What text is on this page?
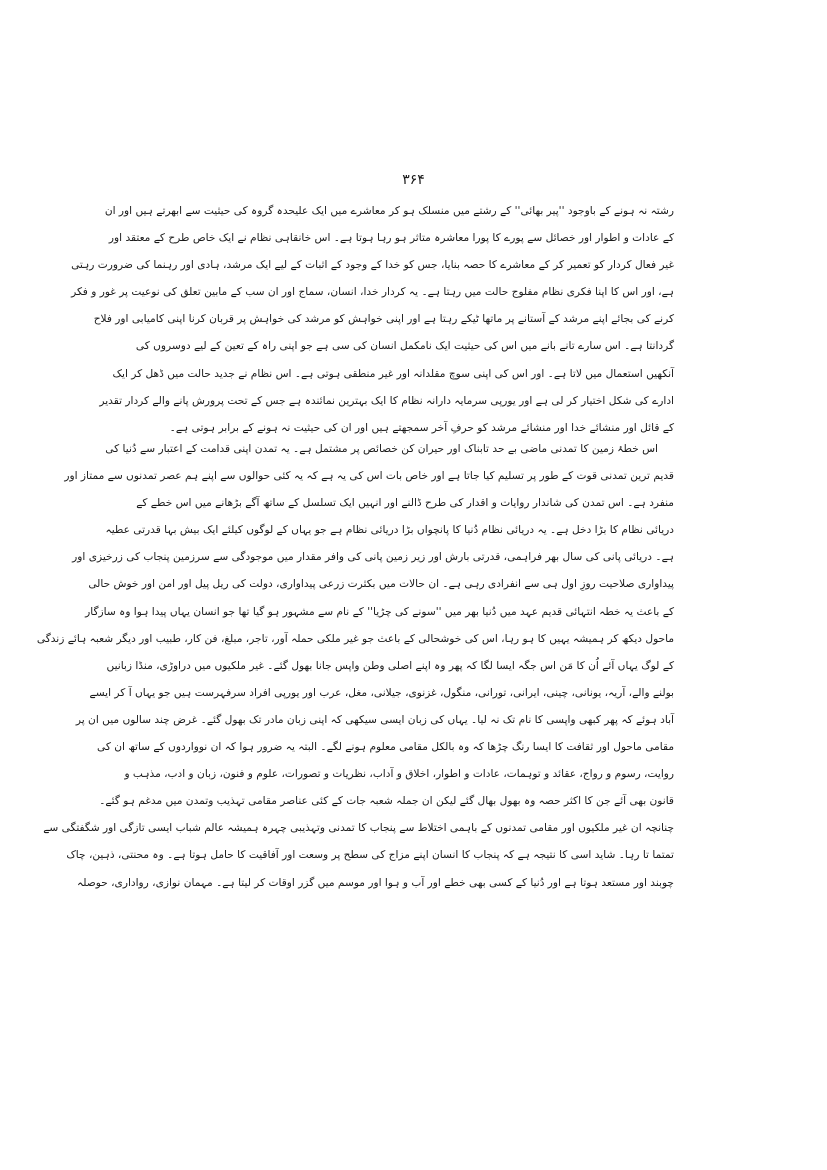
۳۶۴
رشتہ نہ ہونے کے باوجود ''پیر بھائی'' کے رشتے میں منسلک ہو کر معاشرے میں ایک علیحدہ گروہ کی حیثیت سے ابھرتے ہیں اور ان
کے عادات و اطوار اور خصائل سے پورے کا پورا معاشرہ متاثر ہو رہا ہوتا ہے۔ اس خانقاہی نظام نے ایک خاص طرح کے معتقد اور
غیر فعال کردار کو تعمیر کر کے معاشرے کا حصہ بنایا، جس کو خدا کے وجود کے اثبات کے لیے ایک مرشد، ہادی اور رہنما کی ضرورت رہتی
ہے، اور اس کا اپنا فکری نظام مفلوج حالت میں رہتا ہے۔ یہ کردار خدا، انسان، سماج اور ان سب کے مابین تعلق کی نوعیت پر غور و فکر
کرنے کی بجائے اپنے مرشد کے آستانے پر ماتھا ٹیکے رہتا ہے اور اپنی خواہش کو مرشد کی خواہش پر قربان کرنا اپنی کامیابی اور فلاح
گردانتا ہے۔ اس سارے تانے بانے میں اس کی حیثیت ایک نامکمل انسان کی سی ہے جو اپنی راہ کے تعین کے لیے دوسروں کی
آنکھیں استعمال میں لاتا ہے۔ اور اس کی اپنی سوچ مقلدانہ اور غیر منطقی ہوتی ہے۔ اس نظام نے جدید حالت میں ڈھل کر ایک
ادارے کی شکل اختیار کر لی ہے اور یورپی سرمایہ دارانہ نظام کا ایک بہترین نمائندہ ہے جس کے تحت پرورش پانے والے کردار تقدیر
کے قائل اور منشائے خدا اور منشائے مرشد کو حرفِ آخر سمجھتے ہیں اور ان کی حیثیت نہ ہونے کے برابر ہوتی ہے۔
اس خطۂ زمین کا تمدنی ماضی بے حد تابناک اور حیران کن خصائص پر مشتمل ہے۔ یہ تمدن اپنی قدامت کے اعتبار سے دُنیا کی
قدیم ترین تمدنی قوت کے طور پر تسلیم کیا جاتا ہے اور خاص بات اس کی یہ ہے کہ یہ کئی حوالوں سے اپنے ہم عصر تمدنوں سے ممتاز اور
منفرد ہے۔ اس تمدن کی شاندار روایات و اقدار کی طرح ڈالنے اور انہیں ایک تسلسل کے ساتھ آگے بڑھانے میں اس خطے کے
دریائی نظام کا بڑا دخل ہے۔ یہ دریائی نظام دُنیا کا پانچواں بڑا دریائی نظام ہے جو یہاں کے لوگوں کیلئے ایک بیش بہا قدرتی عطیہ
ہے۔ دریائی پانی کی سال بھر فراہمی، قدرتی بارش اور زیر زمین پانی کی وافر مقدار میں موجودگی سے سرزمین پنجاب کی زرخیزی اور
پیداواری صلاحیت روزِ اول ہی سے انفرادی رہی ہے۔ ان حالات میں بکثرت زرعی پیداواری، دولت کی ریل پیل اور امن اور خوش حالی
کے باعث یہ خطہ انتہائی قدیم عہد میں دُنیا بھر میں ''سونے کی چڑیا'' کے نام سے مشہور ہو گیا تھا جو انسان یہاں پیدا ہوا وہ سازگار
ماحول دیکھ کر ہمیشہ یہیں کا ہو رہا، اس کی خوشحالی کے باعث جو غیر ملکی حملہ آور، تاجر، مبلغ، فن کار، طبیب اور دیگر شعبہ ہائے زندگی
کے لوگ یہاں آئے اُن کا مَن اس جگہ ایسا لگا کہ پھر وہ اپنے اصلی وطن واپس جانا بھول گئے۔ غیر ملکیوں میں دراوڑی، منڈا زبانیں
بولنے والے، آریہ، یونانی، چینی، ایرانی، تورانی، منگول، غزنوی، جیلانی، مغل، عرب اور یورپی افراد سرفہرست ہیں جو یہاں آ کر ایسے
آباد ہوئے کہ پھر کبھی واپسی کا نام تک نہ لیا۔ یہاں کی زبان ایسی سیکھی کہ اپنی زبان مادر تک بھول گئے۔ غرض چند سالوں میں ان پر
مقامی ماحول اور ثقافت کا ایسا رنگ چڑھا کہ وہ بالکل مقامی معلوم ہونے لگے۔ البتہ یہ ضرور ہوا کہ ان نوواردوں کے ساتھ ان کی
روایت، رسوم و رواج، عقائد و توہمات، عادات و اطوار، اخلاق و آداب، نظریات و تصورات، علوم و فنون، زبان و ادب، مذہب و
قانون بھی آئے جن کا اکثر حصہ وہ بھول بھال گئے لیکن ان جملہ شعبہ جات کے کئی عناصر مقامی تہذیب وتمدن میں مدغم ہو گئے۔
چنانچہ ان غیر ملکیوں اور مقامی تمدنوں کے باہمی اختلاط سے پنجاب کا تمدنی وتہذیبی چہرہ ہمیشہ عالم شباب ایسی تازگی اور شگفتگی سے
تمتما تا رہا۔ شاید اسی کا نتیجہ ہے کہ پنجاب کا انسان اپنے مزاج کی سطح پر وسعت اور آفاقیت کا حامل ہوتا ہے۔ وہ محنتی، ذہین، چاک
چوبند اور مستعد ہوتا ہے اور دُنیا کے کسی بھی خطے اور آب و ہوا اور موسم میں گزر اوقات کر لیتا ہے۔ مہمان نوازی، رواداری، حوصلہ
